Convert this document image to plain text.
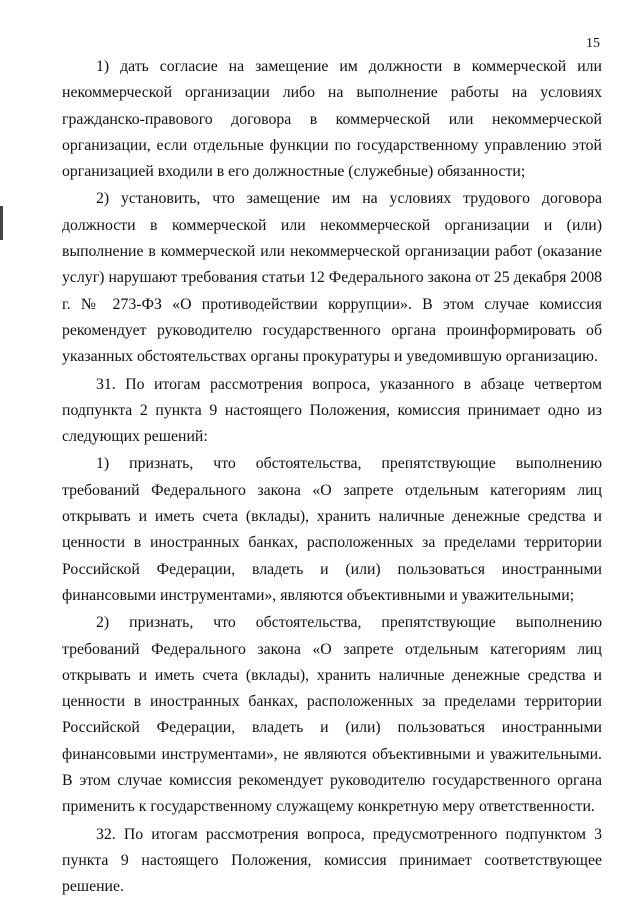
15

1) дать согласие на замещение им должности в коммерческой или некоммерческой организации либо на выполнение работы на условиях гражданско-правового договора в коммерческой или некоммерческой организации, если отдельные функции по государственному управлению этой организацией входили в его должностные (служебные) обязанности;

2) установить, что замещение им на условиях трудового договора должности в коммерческой или некоммерческой организации и (или) выполнение в коммерческой или некоммерческой организации работ (оказание услуг) нарушают требования статьи 12 Федерального закона от 25 декабря 2008 г. № 273-ФЗ «О противодействии коррупции». В этом случае комиссия рекомендует руководителю государственного органа проинформировать об указанных обстоятельствах органы прокуратуры и уведомившую организацию.

31. По итогам рассмотрения вопроса, указанного в абзаце четвертом подпункта 2 пункта 9 настоящего Положения, комиссия принимает одно из следующих решений:

1) признать, что обстоятельства, препятствующие выполнению требований Федерального закона «О запрете отдельным категориям лиц открывать и иметь счета (вклады), хранить наличные денежные средства и ценности в иностранных банках, расположенных за пределами территории Российской Федерации, владеть и (или) пользоваться иностранными финансовыми инструментами», являются объективными и уважительными;

2) признать, что обстоятельства, препятствующие выполнению требований Федерального закона «О запрете отдельным категориям лиц открывать и иметь счета (вклады), хранить наличные денежные средства и ценности в иностранных банках, расположенных за пределами территории Российской Федерации, владеть и (или) пользоваться иностранными финансовыми инструментами», не являются объективными и уважительными. В этом случае комиссия рекомендует руководителю государственного органа применить к государственному служащему конкретную меру ответственности.

32. По итогам рассмотрения вопроса, предусмотренного подпунктом 3 пункта 9 настоящего Положения, комиссия принимает соответствующее решение.
